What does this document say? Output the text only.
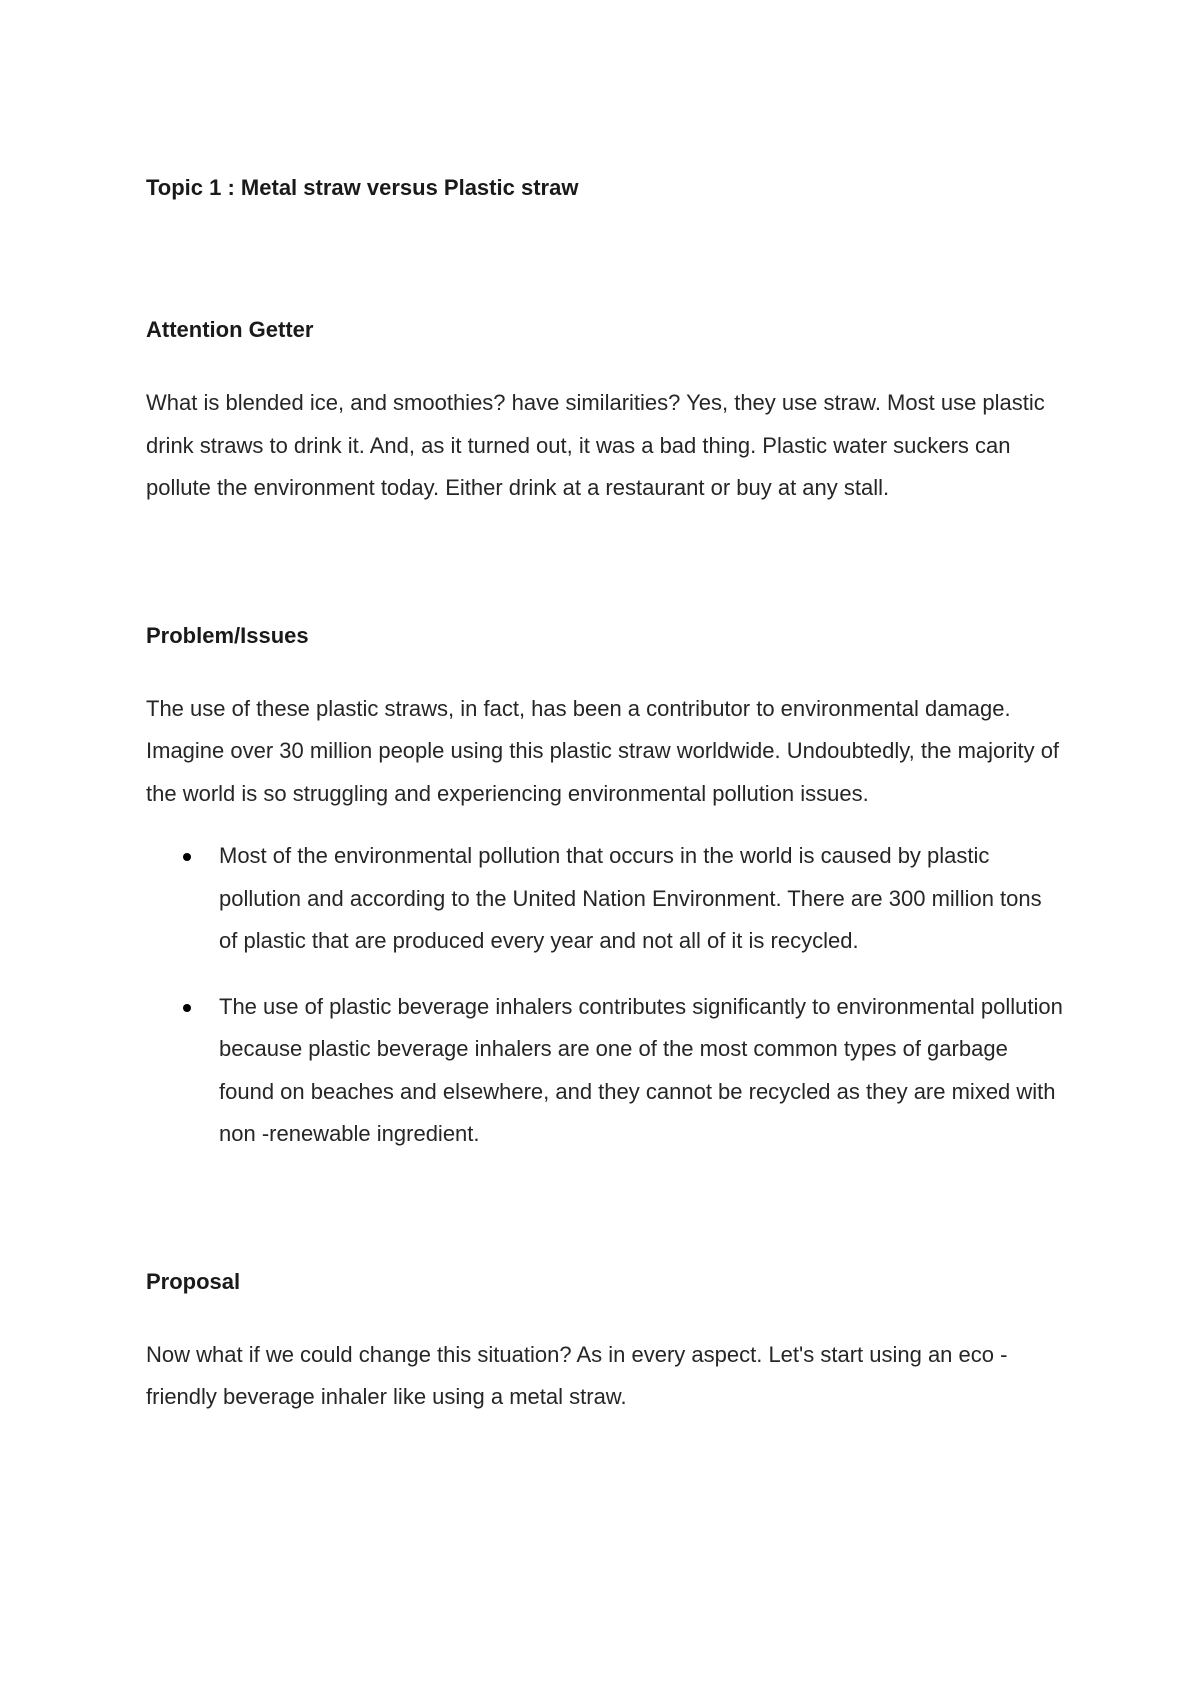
Topic 1 : Metal straw versus Plastic straw
Attention Getter

What is blended ice, and smoothies? have similarities? Yes, they use straw. Most use plastic drink straws to drink it. And, as it turned out, it was a bad thing. Plastic water suckers can pollute the environment today. Either drink at a restaurant or buy at any stall.

Problem/Issues

The use of these plastic straws, in fact, has been a contributor to environmental damage. Imagine over 30 million people using this plastic straw worldwide. Undoubtedly, the majority of the world is so struggling and experiencing environmental pollution issues.

Most of the environmental pollution that occurs in the world is caused by plastic pollution and according to the United Nation Environment. There are 300 million tons of plastic that are produced every year and not all of it is recycled.
The use of plastic beverage inhalers contributes significantly to environmental pollution because plastic beverage inhalers are one of the most common types of garbage found on beaches and elsewhere, and they cannot be recycled as they are mixed with non -renewable ingredient.
Proposal

Now what if we could change this situation? As in every aspect. Let's start using an eco -friendly beverage inhaler like using a metal straw.
